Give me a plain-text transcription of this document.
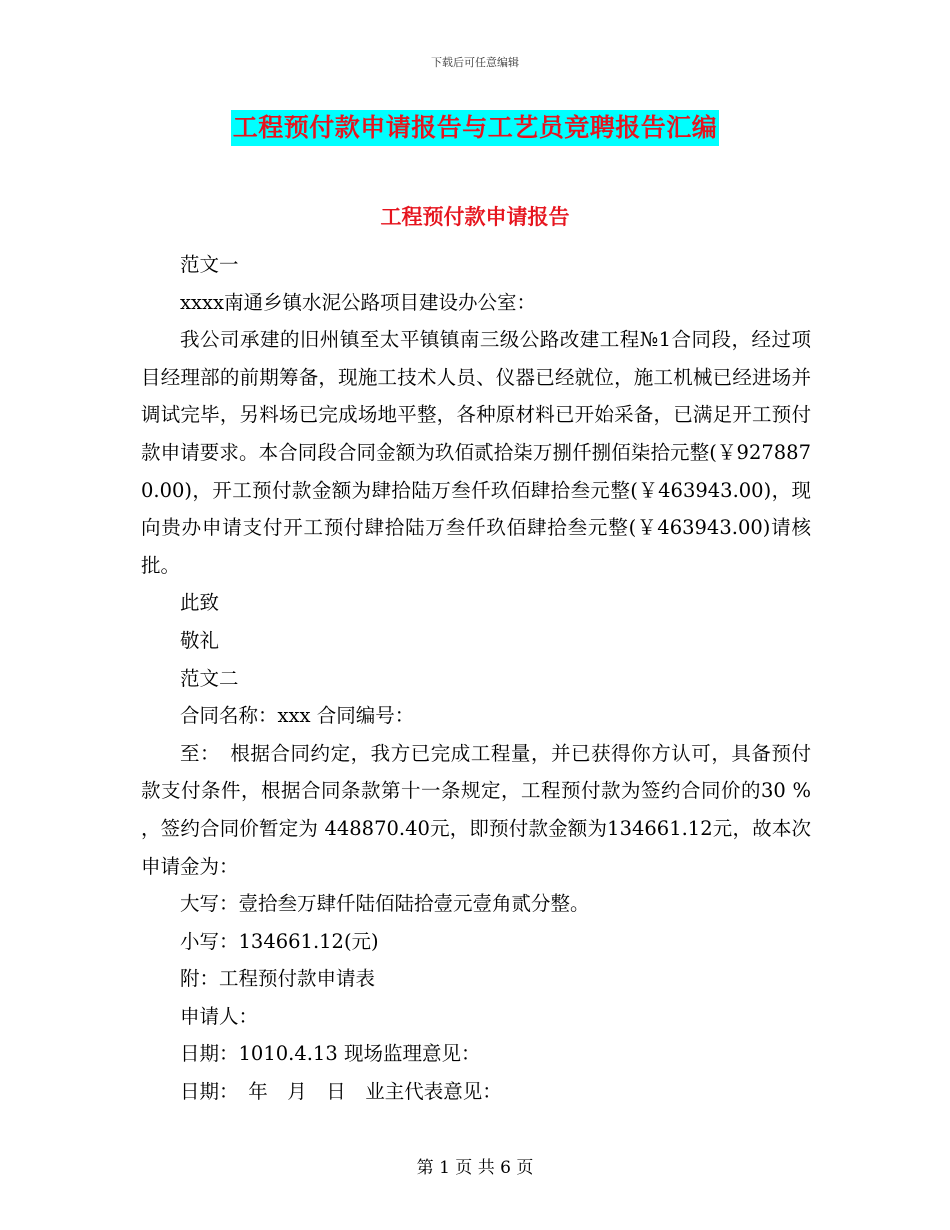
下载后可任意编辑
工程预付款申请报告与工艺员竞聘报告汇编
工程预付款申请报告

范文一

xxxx南通乡镇水泥公路项目建设办公室：

我公司承建的旧州镇至太平镇镇南三级公路改建工程№1合同段，经过项目经理部的前期筹备，现施工技术人员、仪器已经就位，施工机械已经进场并调试完毕，另料场已完成场地平整，各种原材料已开始采备，已满足开工预付款申请要求。本合同段合同金额为玖佰贰拾柒万捌仟捌佰柒拾元整(￥9278870.00)，开工预付款金额为肆拾陆万叁仟玖佰肆拾叁元整(￥463943.00)，现向贵办申请支付开工预付肆拾陆万叁仟玖佰肆拾叁元整(￥463943.00)请核批。

此致

敬礼

范文二

合同名称：xxx 合同编号：

至：　根据合同约定，我方已完成工程量，并已获得你方认可，具备预付款支付条件，根据合同条款第十一条规定，工程预付款为签约合同价的30 % ，签约合同价暂定为 448870.40元，即预付款金额为134661.12元，故本次申请金为：

大写：壹拾叁万肆仟陆佰陆拾壹元壹角贰分整。

小写：134661.12(元)

附：工程预付款申请表

申请人：

日期：1010.4.13 现场监理意见：

日期：　年　月　日　业主代表意见：

第 1 页 共 6 页
